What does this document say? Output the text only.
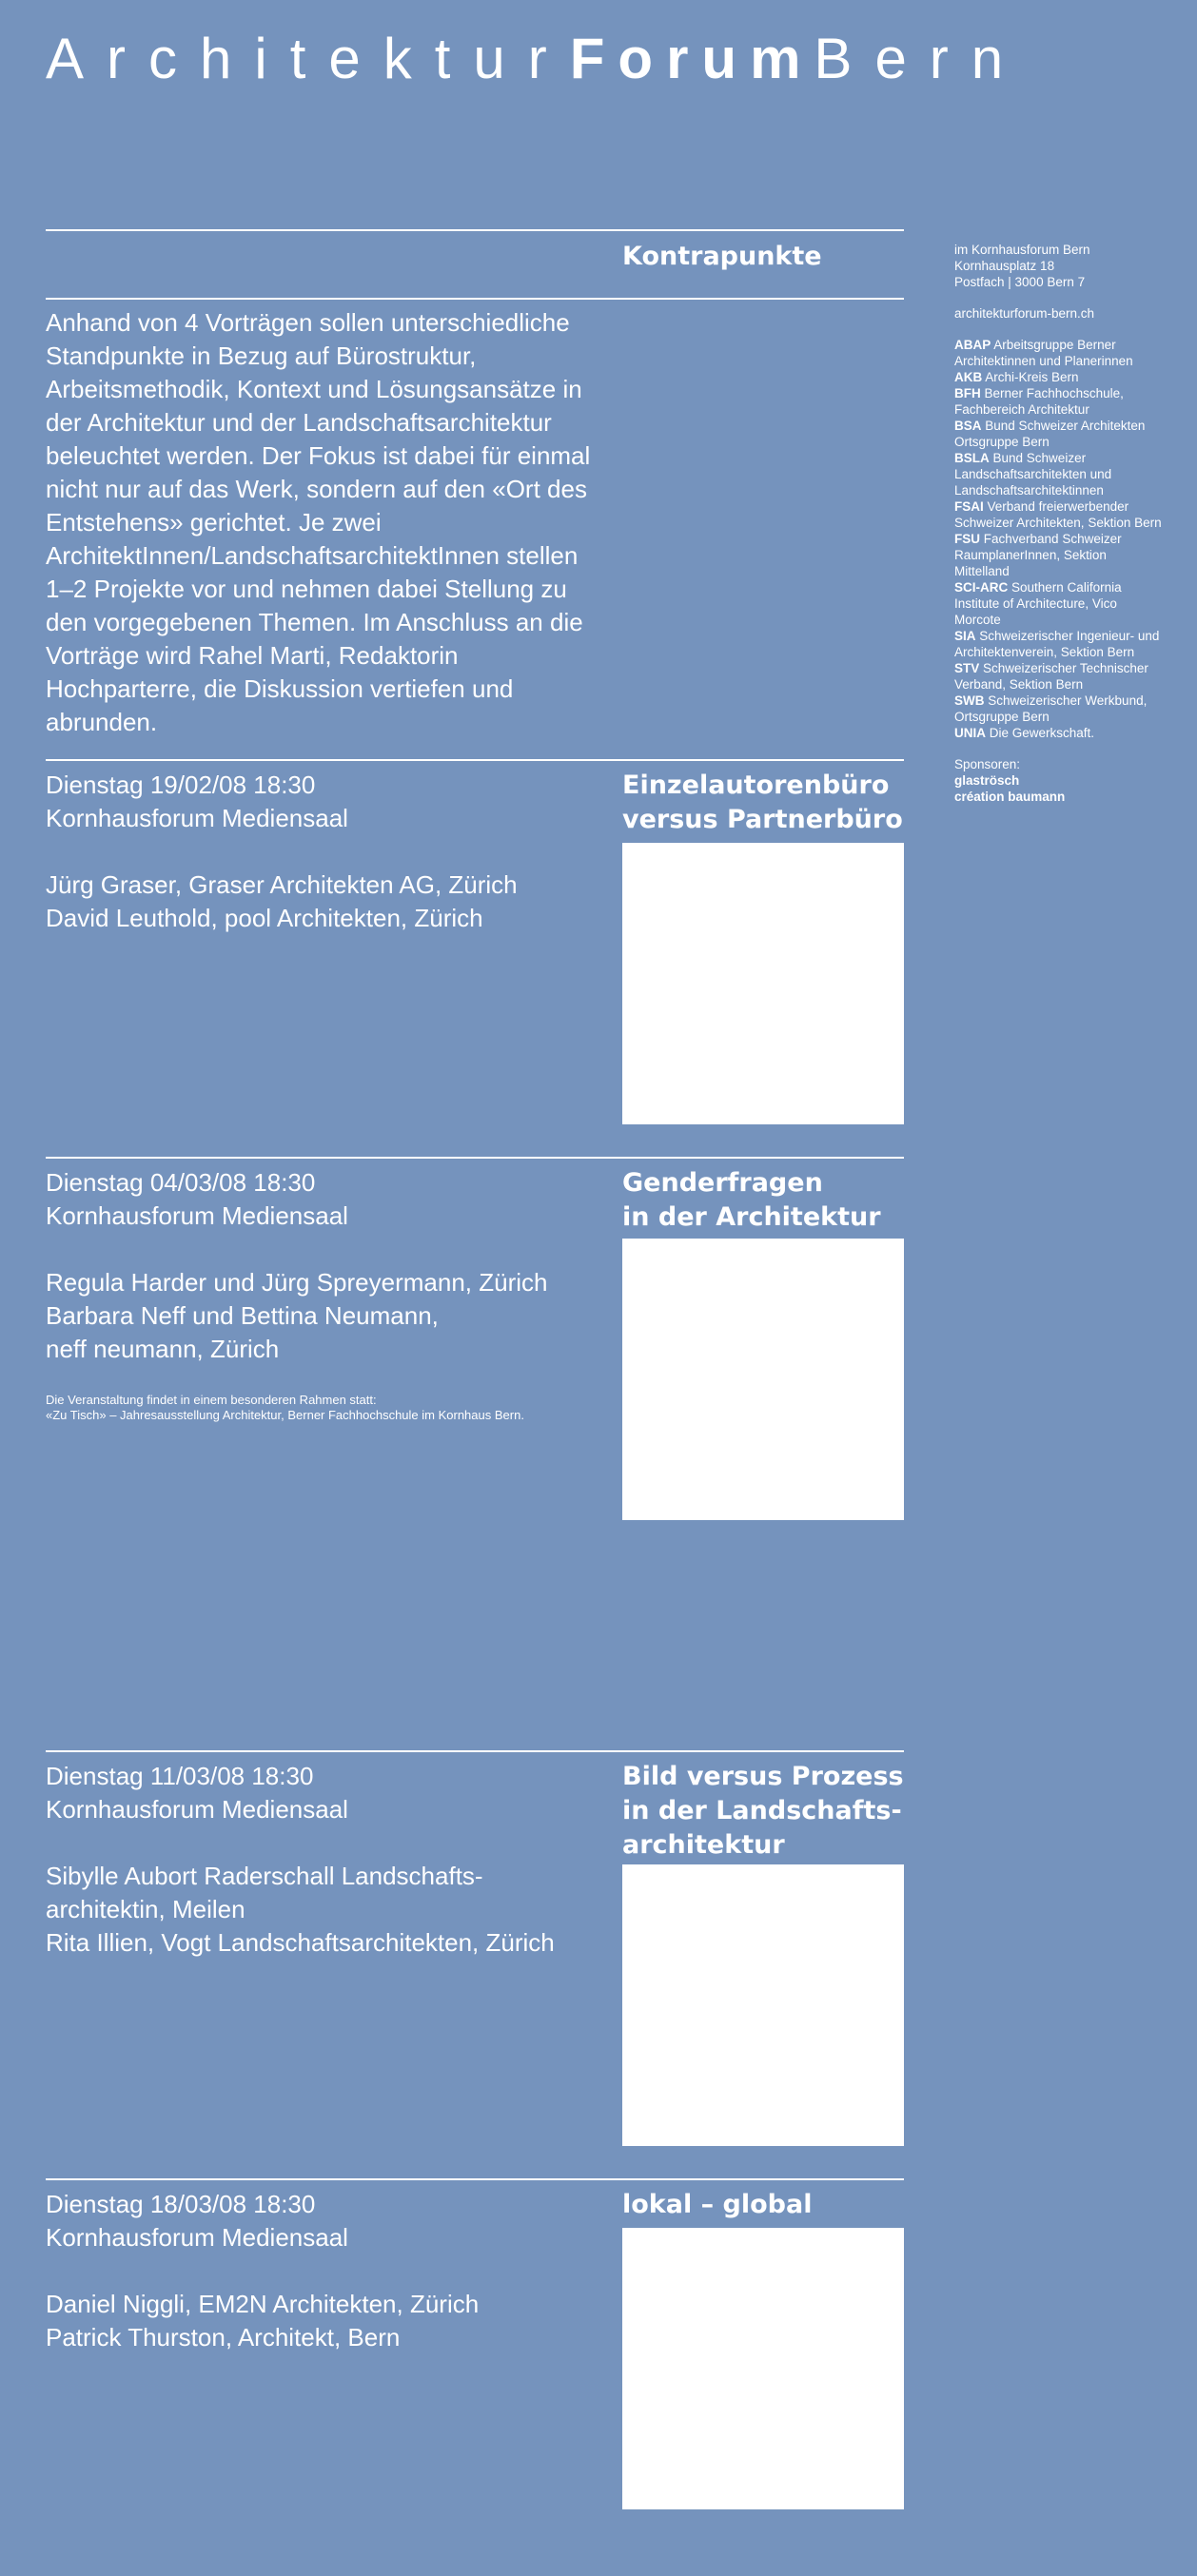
ArchitekturForumBern
Kontrapunkte
Anhand von 4 Vorträgen sollen unterschiedliche Standpunkte in Bezug auf Bürostruktur, Arbeitsmethodik, Kontext und Lösungsansätze in der Architektur und der Landschaftsarchitektur beleuchtet werden. Der Fokus ist dabei für einmal nicht nur auf das Werk, sondern auf den «Ort des Entstehens» gerichtet. Je zwei ArchitektInnen/LandschaftsarchitektInnen stellen 1–2 Projekte vor und nehmen dabei Stellung zu den vorgegebenen Themen. Im Anschluss an die Vorträge wird Rahel Marti, Redaktorin Hochparterre, die Diskussion vertiefen und abrunden.

Dienstag 19/02/08 18:30

Kornhausforum Mediensaal

Jürg Graser, Graser Architekten AG, Zürich

David Leuthold, pool Architekten, Zürich

Einzelautorenbüro
versus Partnerbüro

Dienstag 04/03/08 18:30

Kornhausforum Mediensaal

Regula Harder und Jürg Spreyermann, Zürich

Barbara Neff und Bettina Neumann,

neff neumann, Zürich

Die Veranstaltung findet in einem besonderen Rahmen statt:
«Zu Tisch» – Jahresausstellung Architektur, Berner Fachhochschule im Kornhaus Bern.
Genderfragen
in der Architektur

Dienstag 11/03/08 18:30

Kornhausforum Mediensaal

Sibylle Aubort Raderschall Landschafts-

architektin, Meilen

Rita Illien, Vogt Landschaftsarchitekten, Zürich

Bild versus Prozess
in der Landschafts-
architektur

Dienstag 18/03/08 18:30

Kornhausforum Mediensaal

Daniel Niggli, EM2N Architekten, Zürich

Patrick Thurston, Architekt, Bern

lokal – global

im Kornhausforum Bern

Kornhausplatz 18

Postfach | 3000 Bern 7

architekturforum-bern.ch

ABAP Arbeitsgruppe Berner Architektinnen und Planerinnen

AKB Archi-Kreis Bern

BFH Berner Fachhochschule, Fachbereich Architektur

BSA Bund Schweizer Architekten Ortsgruppe Bern

BSLA Bund Schweizer Landschaftsarchitekten und Landschaftsarchitektinnen

FSAI Verband freierwerbender Schweizer Architekten, Sektion Bern

FSU Fachverband Schweizer RaumplanerInnen, Sektion Mittelland

SCI-ARC Southern California Institute of Architecture, Vico Morcote

SIA Schweizerischer Ingenieur- und Architektenverein, Sektion Bern

STV Schweizerischer Technischer Verband, Sektion Bern

SWB Schweizerischer Werkbund, Ortsgruppe Bern

UNIA Die Gewerkschaft.

Sponsoren:

glaströsch

création baumann
